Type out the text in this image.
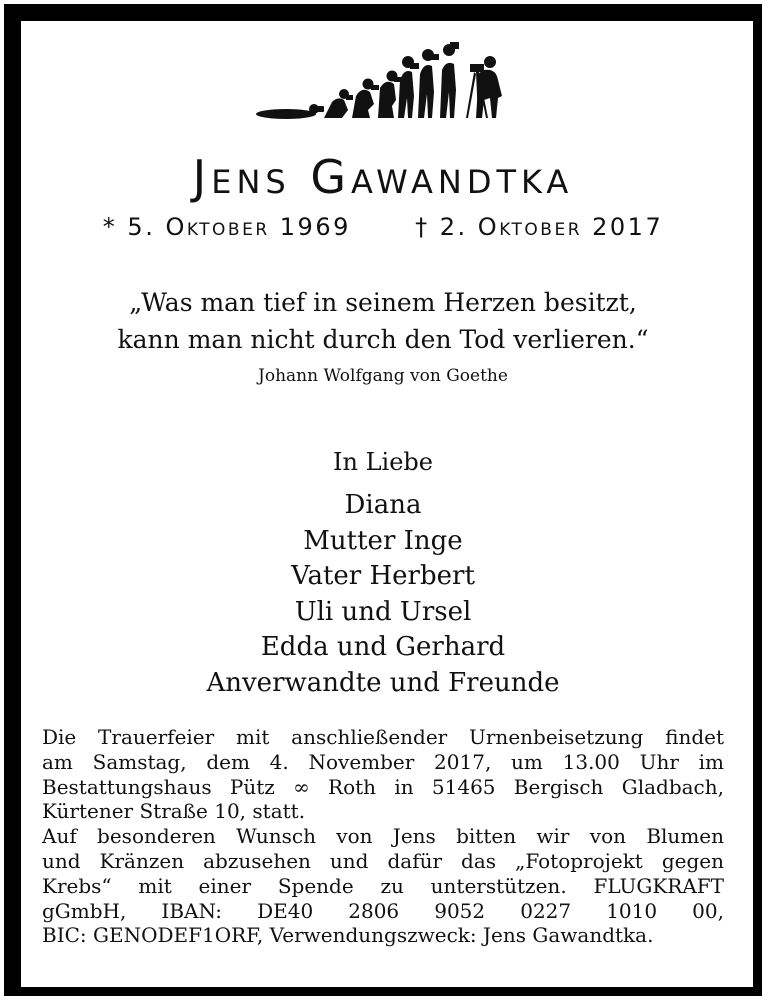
Jens Gawandtka
* 5. Oktober 1969	† 2. Oktober 2017
„Was man tief in seinem Herzen besitzt,
kann man nicht durch den Tod verlieren.“
Johann Wolfgang von Goethe
In Liebe
Diana
Mutter Inge
Vater Herbert
Uli und Ursel
Edda und Gerhard
Anverwandte und Freunde
Die Trauerfeier mit anschließender Urnenbeisetzung findet
am Samstag, dem 4. November 2017, um 13.00 Uhr im
Bestattungshaus Pütz ∞ Roth in 51465 Bergisch Gladbach,
Kürtener Straße 10, statt.
Auf besonderen Wunsch von Jens bitten wir von Blumen
und Kränzen abzusehen und dafür das „Fotoprojekt gegen
Krebs“ mit einer Spende zu unterstützen. FLUGKRAFT
gGmbH, IBAN: DE40 2806 9052 0227 1010 00,
BIC: GENODEF1ORF, Verwendungszweck: Jens Gawandtka.
